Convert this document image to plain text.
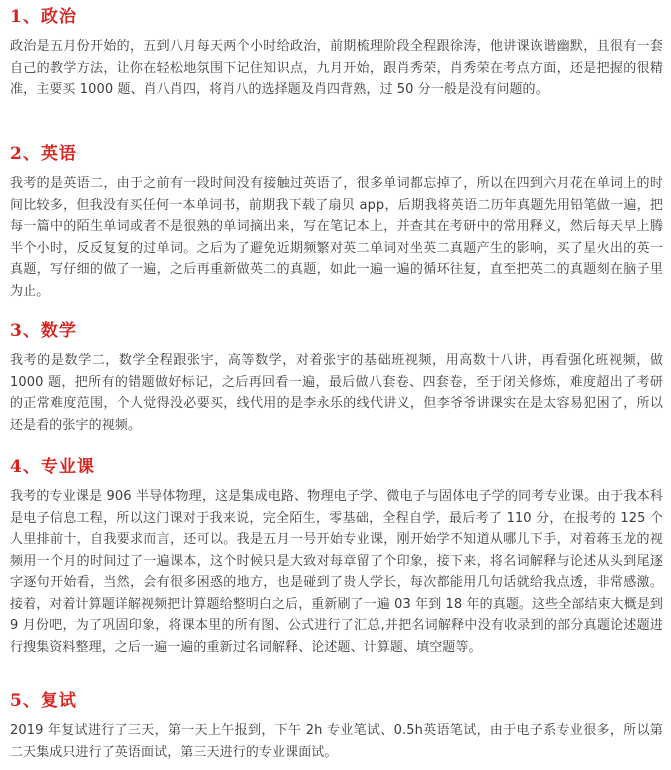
1、政治

政治是五月份开始的，五到八月每天两个小时给政治，前期梳理阶段全程跟徐涛，他讲课诙谐幽默，且很有一套自己的教学方法，让你在轻松地氛围下记住知识点，九月开始，跟肖秀荣，肖秀荣在考点方面，还是把握的很精准，主要买 1000 题、肖八肖四，将肖八的选择题及肖四背熟，过 50 分一般是没有问题的。

2、英语

我考的是英语二，由于之前有一段时间没有接触过英语了，很多单词都忘掉了，所以在四到六月花在单词上的时间比较多，但我没有买任何一本单词书，前期我下载了扇贝 app，后期我将英语二历年真题先用铅笔做一遍，把每一篇中的陌生单词或者不是很熟的单词摘出来，写在笔记本上，并查其在考研中的常用释义，然后每天早上腾半个小时，反反复复的过单词。之后为了避免近期频繁对英二单词对坐英二真题产生的影响，买了星火出的英一真题，写仔细的做了一遍，之后再重新做英二的真题，如此一遍一遍的循环往复，直至把英二的真题刻在脑子里为止。

3、数学

我考的是数学二，数学全程跟张宇，高等数学，对着张宇的基础班视频，用高数十八讲，再看强化班视频，做 1000 题，把所有的错题做好标记，之后再回看一遍，最后做八套卷、四套卷，至于闭关修炼，难度超出了考研的正常难度范围，个人觉得没必要买，线代用的是李永乐的线代讲义，但李爷爷讲课实在是太容易犯困了，所以还是看的张宇的视频。

4、专业课

我考的专业课是 906 半导体物理，这是集成电路、物理电子学、微电子与固体电子学的同考专业课。由于我本科是电子信息工程，所以这门课对于我来说，完全陌生，零基础，全程自学，最后考了 110 分，在报考的 125 个人里排前十，自我要求而言，还可以。我是五月一号开始专业课，刚开始学不知道从哪儿下手，对着蒋玉龙的视频用一个月的时间过了一遍课本，这个时候只是大致对每章留了个印象，接下来，将名词解释与论述从头到尾逐字逐句开始看，当然，会有很多困惑的地方，也是碰到了贵人学长，每次都能用几句话就给我点透，非常感激。接着，对着计算题详解视频把计算题给整明白之后，重新刷了一遍 03 年到 18 年的真题。这些全部结束大概是到 9 月份吧，为了巩固印象，将课本里的所有图、公式进行了汇总,并把名词解释中没有收录到的部分真题论述题进行搜集资料整理，之后一遍一遍的重新过名词解释、论述题、计算题、填空题等。

5、复试

2019 年复试进行了三天，第一天上午报到，下午 2h 专业笔试、0.5h英语笔试，由于电子系专业很多，所以第二天集成只进行了英语面试，第三天进行的专业课面试。
